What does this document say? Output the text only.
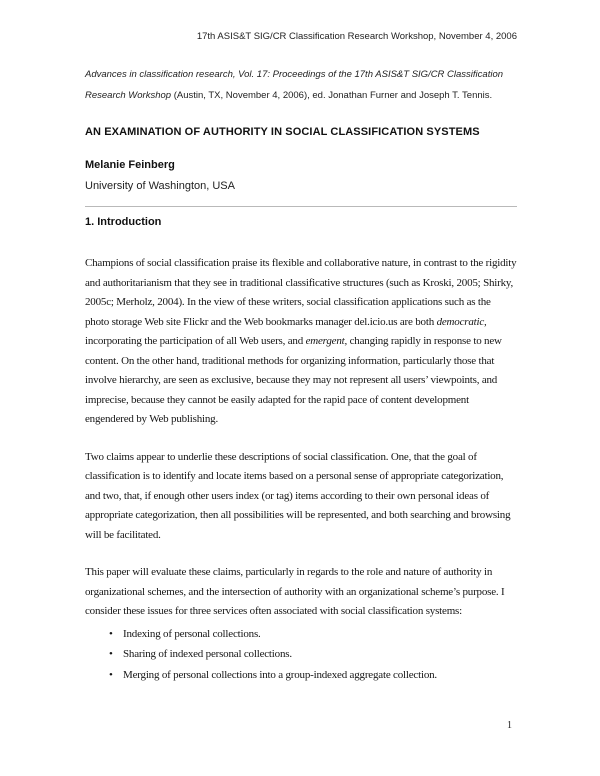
17th ASIS&T SIG/CR Classification Research Workshop, November 4, 2006

Advances in classification research, Vol. 17: Proceedings of the 17th ASIS&T SIG/CR Classification Research Workshop (Austin, TX, November 4, 2006), ed. Jonathan Furner and Joseph T. Tennis.

AN EXAMINATION OF AUTHORITY IN SOCIAL CLASSIFICATION SYSTEMS

Melanie Feinberg

University of Washington, USA

1. Introduction

Champions of social classification praise its flexible and collaborative nature, in contrast to the rigidity and authoritarianism that they see in traditional classificative structures (such as Kroski, 2005; Shirky, 2005c; Merholz, 2004). In the view of these writers, social classification applications such as the photo storage Web site Flickr and the Web bookmarks manager del.icio.us are both democratic, incorporating the participation of all Web users, and emergent, changing rapidly in response to new content. On the other hand, traditional methods for organizing information, particularly those that involve hierarchy, are seen as exclusive, because they may not represent all users’ viewpoints, and imprecise, because they cannot be easily adapted for the rapid pace of content development engendered by Web publishing.

Two claims appear to underlie these descriptions of social classification. One, that the goal of classification is to identify and locate items based on a personal sense of appropriate categorization, and two, that, if enough other users index (or tag) items according to their own personal ideas of appropriate categorization, then all possibilities will be represented, and both searching and browsing will be facilitated.

This paper will evaluate these claims, particularly in regards to the role and nature of authority in organizational schemes, and the intersection of authority with an organizational scheme’s purpose. I consider these issues for three services often associated with social classification systems:

• Indexing of personal collections.
• Sharing of indexed personal collections.
• Merging of personal collections into a group-indexed aggregate collection.
1
